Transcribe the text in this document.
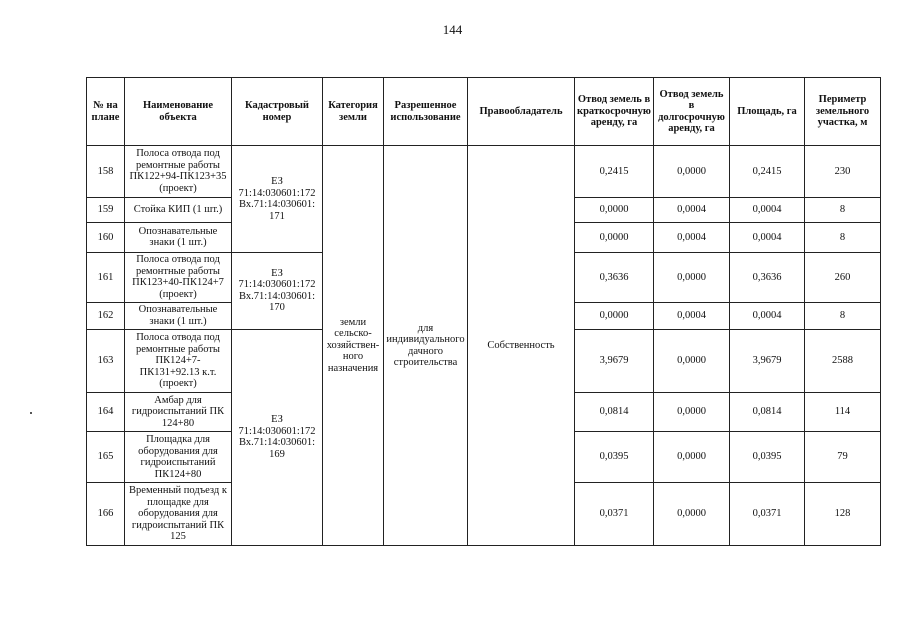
144
№ на плане	Наименование объекта	Кадастровый номер	Категория земли	Разрешенное использование	Правообладатель	Отвод земель в краткосрочную аренду, га	Отвод земель в долгосрочную аренду, га	Площадь, га	Периметр земельного участка, м
158	Полоса отвода под ремонтные работы ПК122+94-ПК123+35 (проект)	ЕЗ 71:14:030601:172 Вх.71:14:030601: 171	земли сельско-хозяйствен-ного назначения	для индивидуального дачного строительства	Собственность	0,2415	0,0000	0,2415	230
159	Стойка КИП (1 шт.)					0,0000	0,0004	0,0004	8
160	Опознавательные знаки (1 шт.)					0,0000	0,0004	0,0004	8
161	Полоса отвода под ремонтные работы ПК123+40-ПК124+7 (проект)	ЕЗ 71:14:030601:172 Вх.71:14:030601: 170				0,3636	0,0000	0,3636	260
162	Опознавательные знаки (1 шт.)					0,0000	0,0004	0,0004	8
163	Полоса отвода под ремонтные работы ПК124+7-ПК131+92.13 к.т. (проект)	ЕЗ 71:14:030601:172 Вх.71:14:030601: 169				3,9679	0,0000	3,9679	2588
164	Амбар для гидроиспытаний ПК 124+80					0,0814	0,0000	0,0814	114
165	Площадка для оборудования для гидроиспытаний ПК124+80					0,0395	0,0000	0,0395	79
166	Временный подъезд к площадке для оборудования для гидроиспытаний ПК 125					0,0371	0,0000	0,0371	128
